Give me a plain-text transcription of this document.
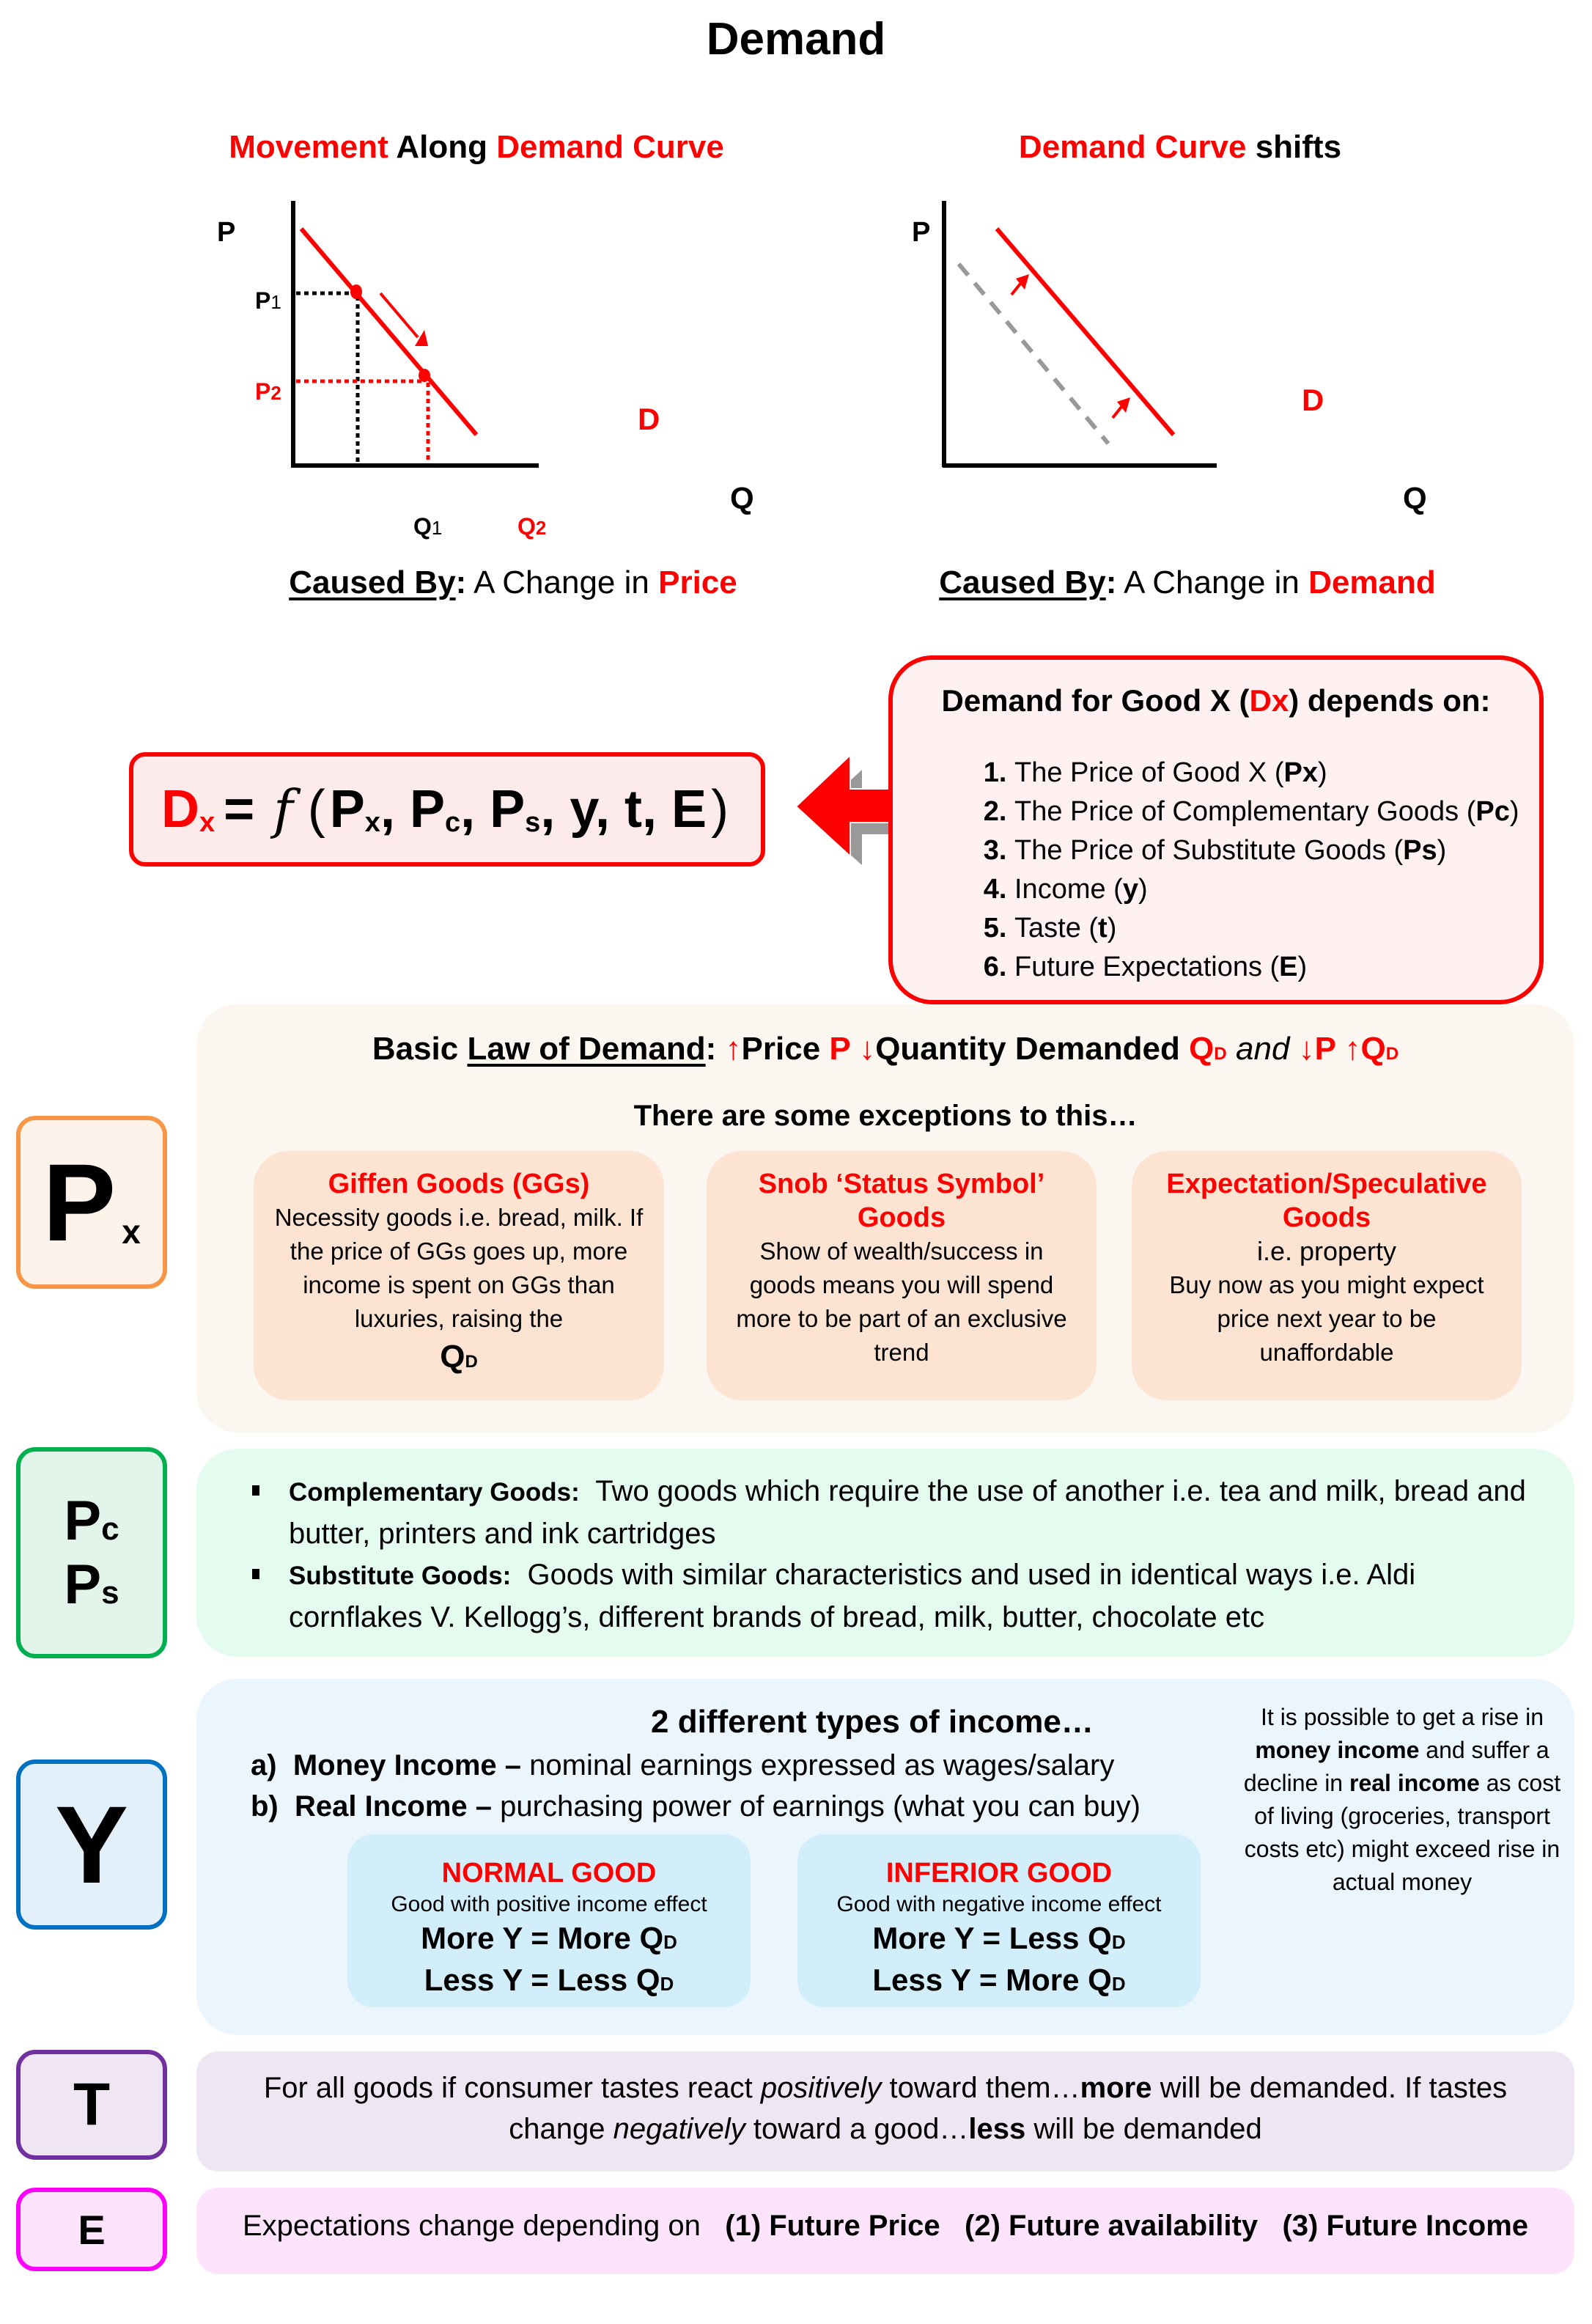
Demand
Movement Along Demand Curve
P
Q
P1
P2
Q1	Q2
D
Caused By: A Change in Price
Demand Curve shifts
P
Q
D
Caused By: A Change in Demand
$D_x = f$ ( $P_x$, $P_c$, $P_s$, y, t, E )
Demand for Good X (Dx) depends on:
1. The Price of Good X (Px)
2. The Price of Complementary Goods (Pc)
3. The Price of Substitute Goods (Ps)
4. Income (y)
5. Taste (t)
6. Future Expectations (E)
P x
Basic Law of Demand: ↑Price P ↓Quantity Demanded QD and ↓P ↑QD
There are some exceptions to this…
Giffen Goods (GGs)

Necessity goods i.e. bread, milk. If the price of GGs goes up, more income is spent on GGs than luxuries, raising the

QD

Snob ‘Status Symbol’ Goods

Show of wealth/success in goods means you will spend more to be part of an exclusive trend

Expectation/Speculative Goods

i.e. property

Buy now as you might expect price next year to be unaffordable

Pc
Ps
Complementary Goods: Two goods which require the use of another i.e. tea and milk, bread and butter, printers and ink cartridges
Substitute Goods: Goods with similar characteristics and used in identical ways i.e. Aldi cornflakes V. Kellogg’s, different brands of bread, milk, butter, chocolate etc
Y
2 different types of income…
a) Money Income – nominal earnings expressed as wages/salary
b) Real Income – purchasing power of earnings (what you can buy)
NORMAL GOOD
Good with positive income effect
More Y = More QD
Less Y = Less QD
INFERIOR GOOD
Good with negative income effect
More Y = Less QD
Less Y = More QD
It is possible to get a rise in money income and suffer a decline in real income as cost of living (groceries, transport costs etc) might exceed rise in actual money
T	For all goods if consumer tastes react positively toward them…more will be demanded. If tastes change negatively toward a good…less will be demanded
E	Expectations change depending on (1) Future Price (2) Future availability (3) Future Income
